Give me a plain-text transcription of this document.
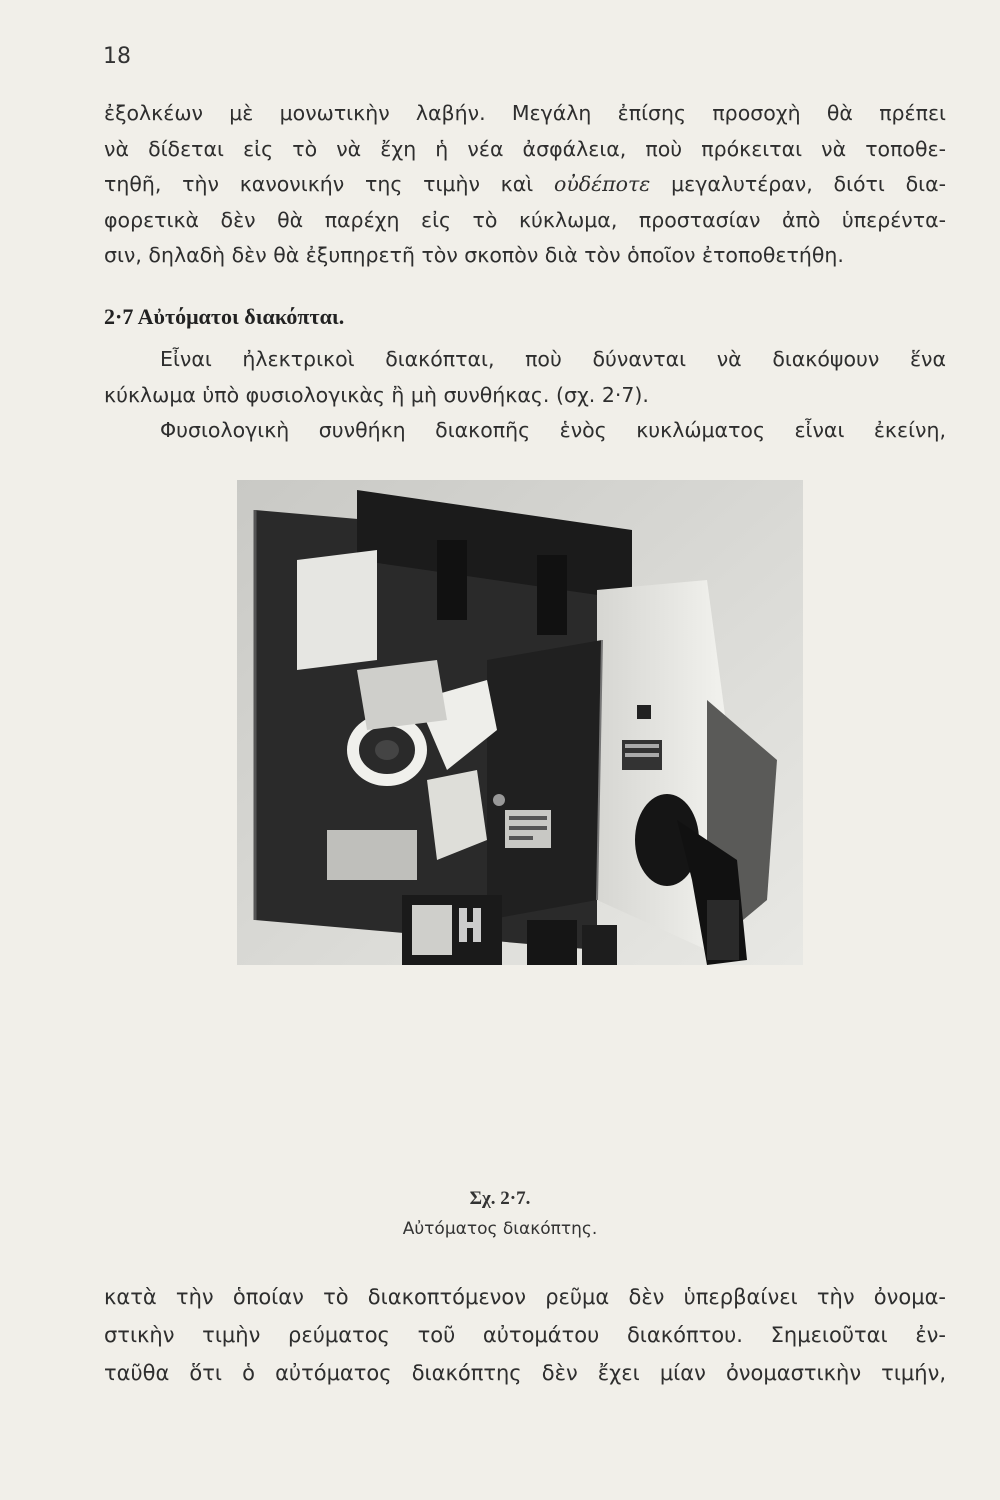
18
ἐξολκέων μὲ μονωτικὴν λαβήν. Μεγάλη ἐπίσης προσοχὴ θὰ πρέπει
νὰ δίδεται εἰς τὸ νὰ ἔχη ἡ νέα ἀσφάλεια, ποὺ πρόκειται νὰ τοποθε-
τηθῆ, τὴν κανονικήν της τιμὴν καὶ οὐδέποτε μεγαλυτέραν, διότι δια-
φορετικὰ δὲν θὰ παρέχη εἰς τὸ κύκλωμα, προστασίαν ἀπὸ ὑπερέντα-
σιν, δηλαδὴ δὲν θὰ ἐξυπηρετῆ τὸν σκοπὸν διὰ τὸν ὁποῖον ἐτοποθετήθη.
2·7 Αὐτόματοι διακόπται.
Εἶναι ἠλεκτρικοὶ διακόπται, ποὺ δύνανται νὰ διακόψουν ἕνα
κύκλωμα ὑπὸ φυσιολογικὰς ἢ μὴ συνθήκας. (σχ. 2·7).
Φυσιολογικὴ συνθήκη διακοπῆς ἑνὸς κυκλώματος εἶναι ἐκείνη,
Σχ. 2·7.
Αὐτόματος διακόπτης.
κατὰ τὴν ὁποίαν τὸ διακοπτόμενον ρεῦμα δὲν ὑπερβαίνει τὴν ὀνομα-
στικὴν τιμὴν ρεύματος τοῦ αὐτομάτου διακόπτου. Σημειοῦται ἐν-
ταῦθα ὅτι ὁ αὐτόματος διακόπτης δὲν ἔχει μίαν ὀνομαστικὴν τιμήν,
